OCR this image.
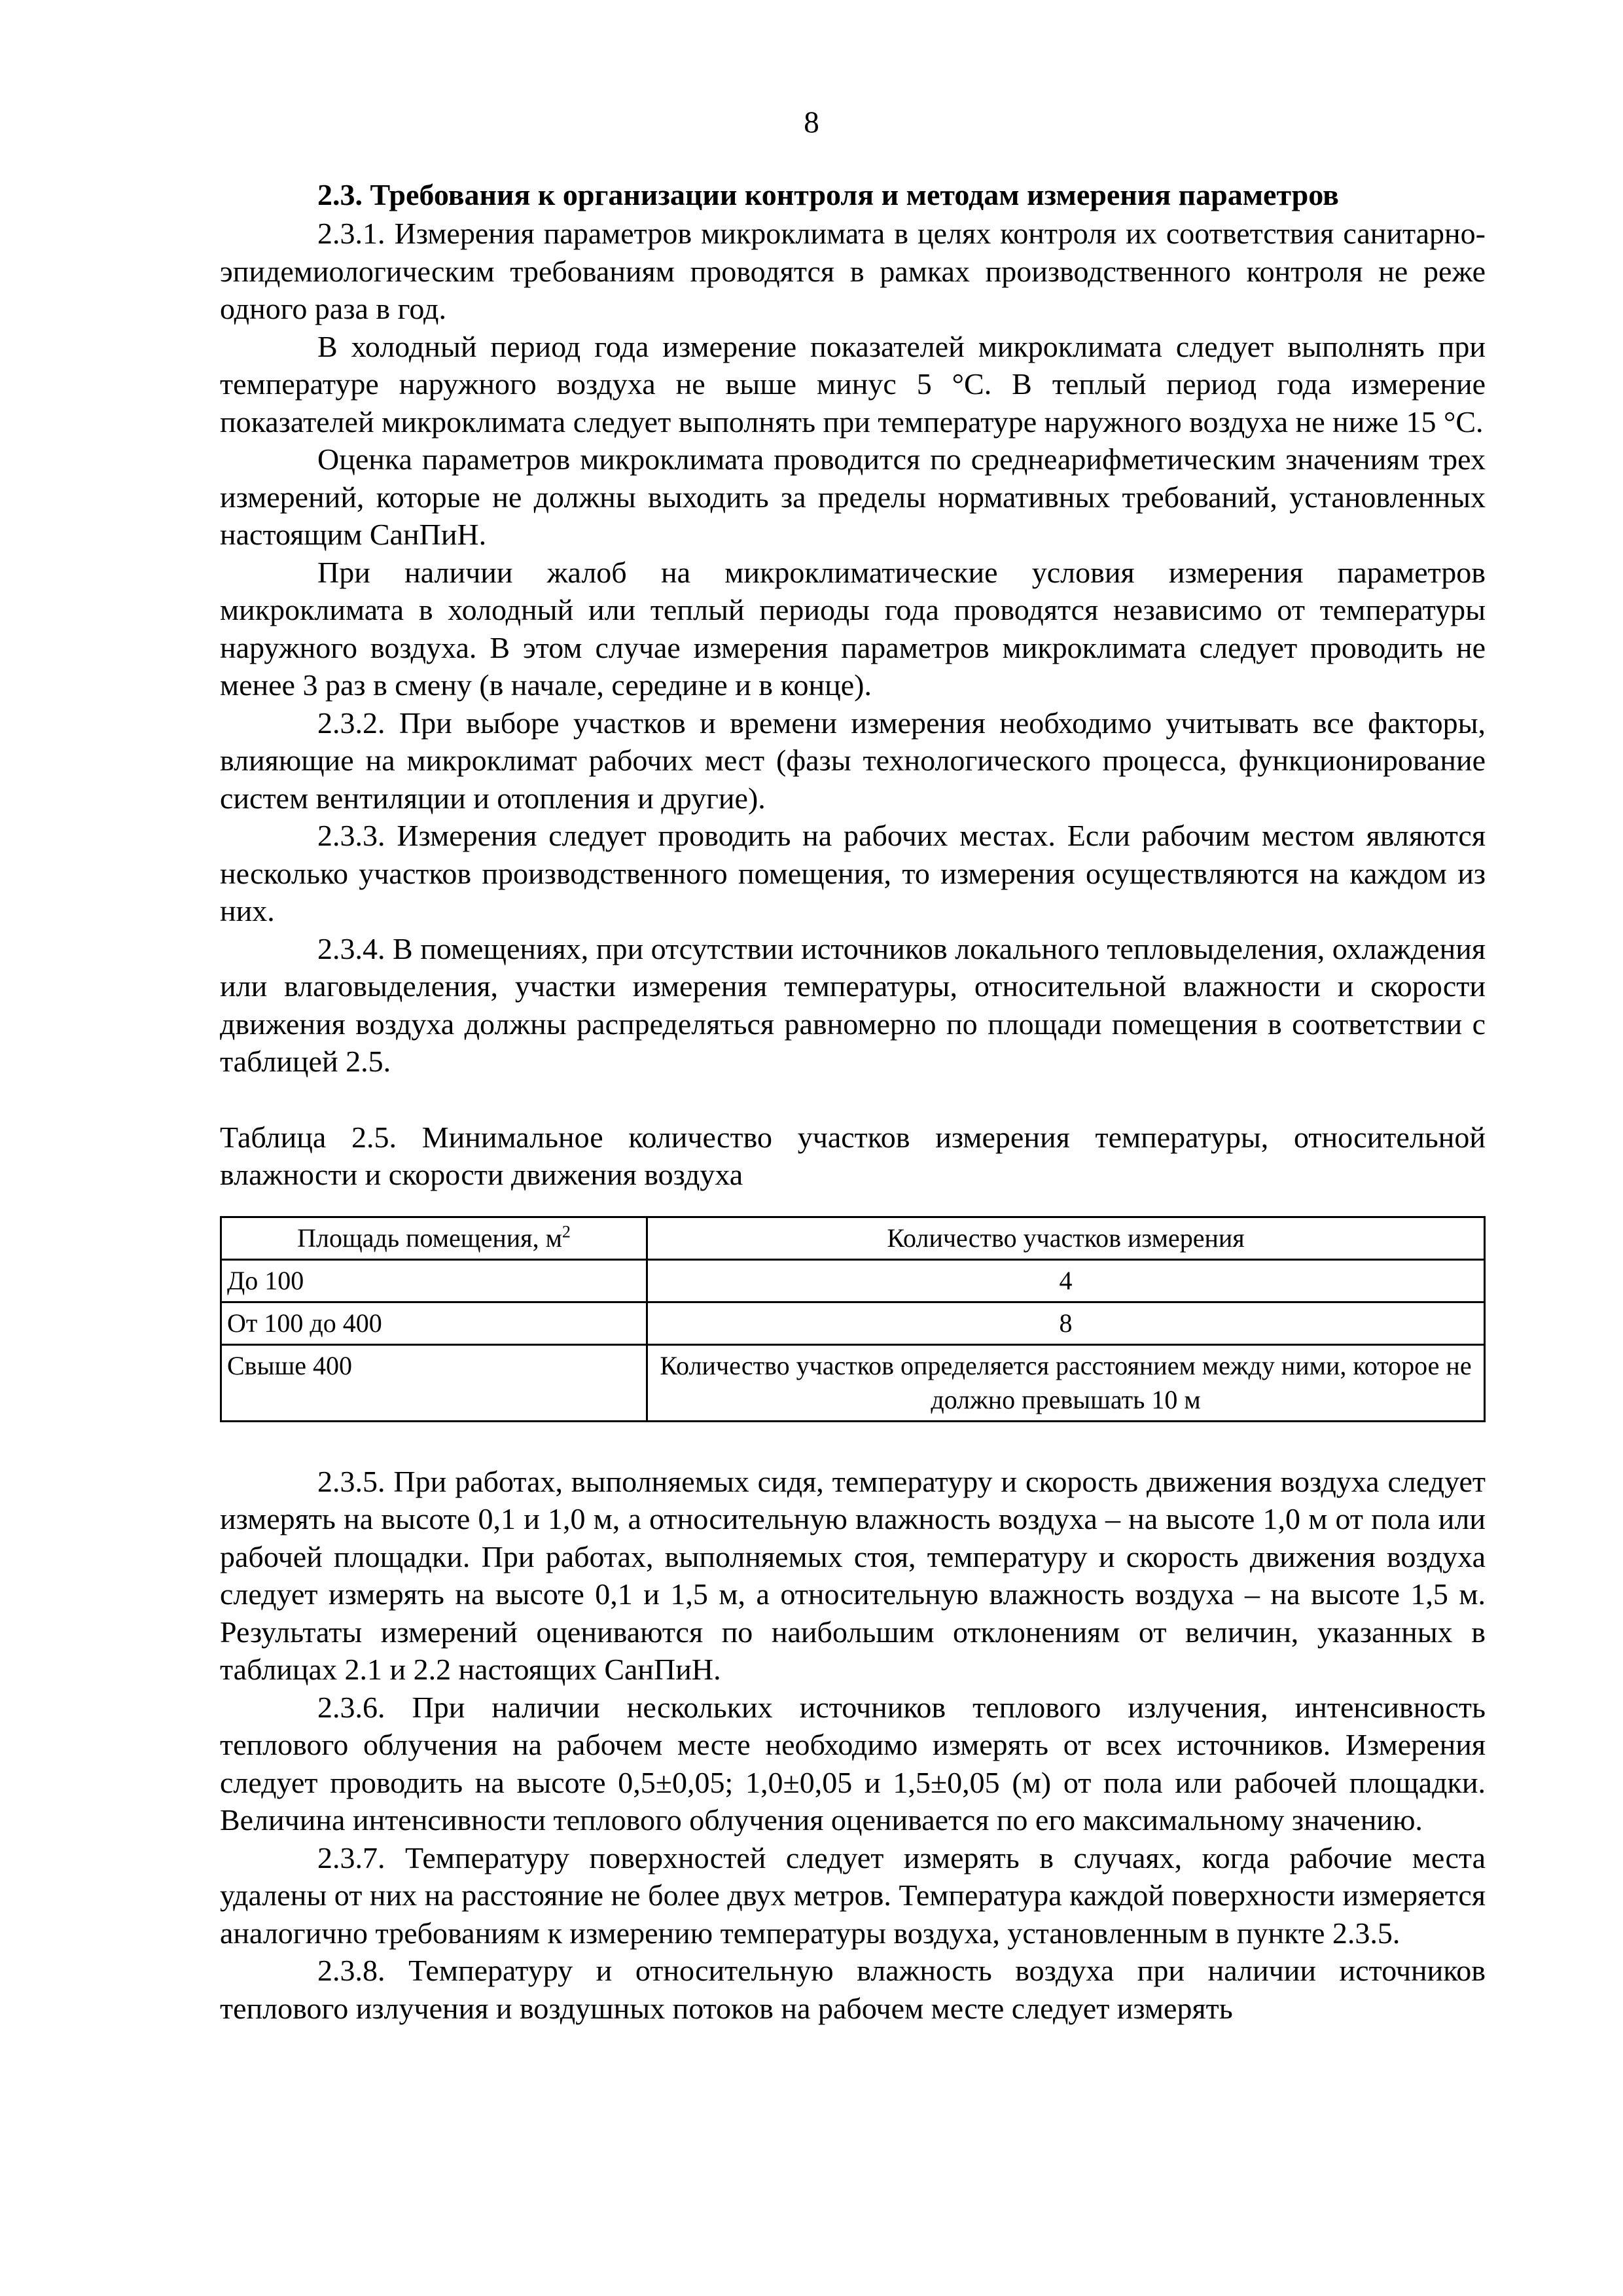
8
2.3. Требования к организации контроля и методам измерения параметров

2.3.1. Измерения параметров микроклимата в целях контроля их соответствия санитарно-эпидемиологическим требованиям проводятся в рамках производственного контроля не реже одного раза в год.

В холодный период года измерение показателей микроклимата следует выполнять при температуре наружного воздуха не выше минус 5 °С. В теплый период года измерение показателей микроклимата следует выполнять при температуре наружного воздуха не ниже 15 °С.

Оценка параметров микроклимата проводится по среднеарифметическим значениям трех измерений, которые не должны выходить за пределы нормативных требований, установленных настоящим СанПиН.

При наличии жалоб на микроклиматические условия измерения параметров микроклимата в холодный или теплый периоды года проводятся независимо от температуры наружного воздуха. В этом случае измерения параметров микроклимата следует проводить не менее 3 раз в смену (в начале, середине и в конце).

2.3.2. При выборе участков и времени измерения необходимо учитывать все факторы, влияющие на микроклимат рабочих мест (фазы технологического процесса, функционирование систем вентиляции и отопления и другие).

2.3.3. Измерения следует проводить на рабочих местах. Если рабочим местом являются несколько участков производственного помещения, то измерения осуществляются на каждом из них.

2.3.4. В помещениях, при отсутствии источников локального тепловыделения, охлаждения или влаговыделения, участки измерения температуры, относительной влажности и скорости движения воздуха должны распределяться равномерно по площади помещения в соответствии с таблицей 2.5.

Таблица 2.5. Минимальное количество участков измерения температуры, относительной влажности и скорости движения воздуха
Площадь помещения, $м^2$	Количество участков измерения
До 100	4
От 100 до 400	8
Свыше 400	Количество участков определяется расстоянием между ними, которое не должно превышать 10 м

2.3.5. При работах, выполняемых сидя, температуру и скорость движения воздуха следует измерять на высоте 0,1 и 1,0 м, а относительную влажность воздуха – на высоте 1,0 м от пола или рабочей площадки. При работах, выполняемых стоя, температуру и скорость движения воздуха следует измерять на высоте 0,1 и 1,5 м, а относительную влажность воздуха – на высоте 1,5 м. Результаты измерений оцениваются по наибольшим отклонениям от величин, указанных в таблицах 2.1 и 2.2 настоящих СанПиН.

2.3.6. При наличии нескольких источников теплового излучения, интенсивность теплового облучения на рабочем месте необходимо измерять от всех источников. Измерения следует проводить на высоте 0,5±0,05; 1,0±0,05 и 1,5±0,05 (м) от пола или рабочей площадки. Величина интенсивности теплового облучения оценивается по его максимальному значению.

2.3.7. Температуру поверхностей следует измерять в случаях, когда рабочие места удалены от них на расстояние не более двух метров. Температура каждой поверхности измеряется аналогично требованиям к измерению температуры воздуха, установленным в пункте 2.3.5.

2.3.8. Температуру и относительную влажность воздуха при наличии источников теплового излучения и воздушных потоков на рабочем месте следует измерять
